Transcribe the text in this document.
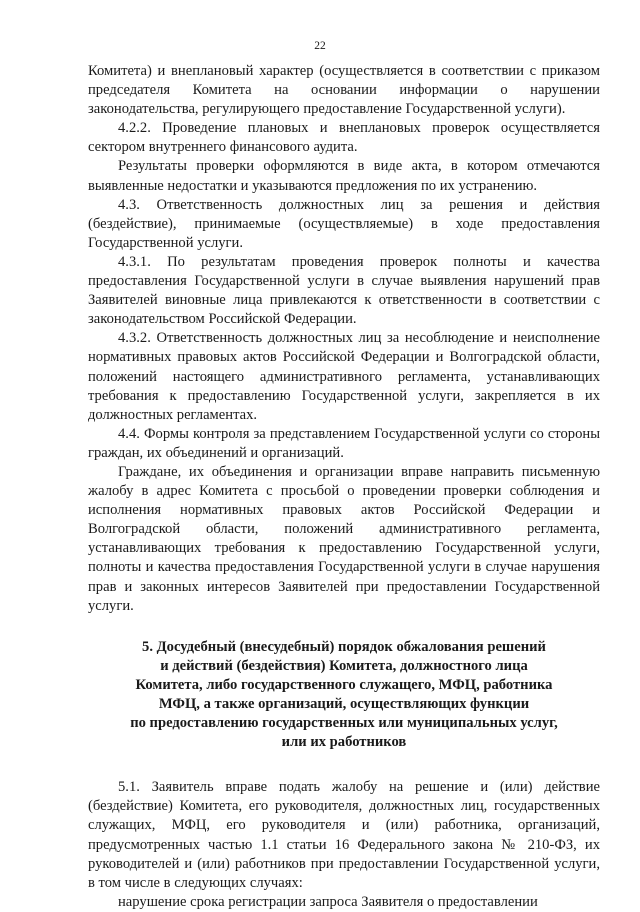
22

Комитета) и внеплановый характер (осуществляется в соответствии с приказом председателя Комитета на основании информации о нарушении законодательства, регулирующего предоставление Государственной услуги).

4.2.2. Проведение плановых и внеплановых проверок осуществляется сектором внутреннего финансового аудита.

Результаты проверки оформляются в виде акта, в котором отмечаются выявленные недостатки и указываются предложения по их устранению.

4.3. Ответственность должностных лиц за решения и действия (бездействие), принимаемые (осуществляемые) в ходе предоставления Государственной услуги.

4.3.1. По результатам проведения проверок полноты и качества предоставления Государственной услуги в случае выявления нарушений прав Заявителей виновные лица привлекаются к ответственности в соответствии с законодательством Российской Федерации.

4.3.2. Ответственность должностных лиц за несоблюдение и неисполнение нормативных правовых актов Российской Федерации и Волгоградской области, положений настоящего административного регламента, устанавливающих требования к предоставлению Государственной услуги, закрепляется в их должностных регламентах.

4.4. Формы контроля за представлением Государственной услуги со стороны граждан, их объединений и организаций.

Граждане, их объединения и организации вправе направить письменную жалобу в адрес Комитета с просьбой о проведении проверки соблюдения и исполнения нормативных правовых актов Российской Федерации и Волгоградской области, положений административного регламента, устанавливающих требования к предоставлению Государственной услуги, полноты и качества предоставления Государственной услуги в случае нарушения прав и законных интересов Заявителей при предоставлении Государственной услуги.

5. Досудебный (внесудебный) порядок обжалования решений
и действий (бездействия) Комитета, должностного лица
Комитета, либо государственного служащего, МФЦ, работника
МФЦ, а также организаций, осуществляющих функции
по предоставлению государственных или муниципальных услуг,
или их работников

5.1. Заявитель вправе подать жалобу на решение и (или) действие (бездействие) Комитета, его руководителя, должностных лиц, государственных служащих, МФЦ, его руководителя и (или) работника, организаций, предусмотренных частью 1.1 статьи 16 Федерального закона № 210-ФЗ, их руководителей и (или) работников при предоставлении Государственной услуги, в том числе в следующих случаях:

нарушение срока регистрации запроса Заявителя о предоставлении
